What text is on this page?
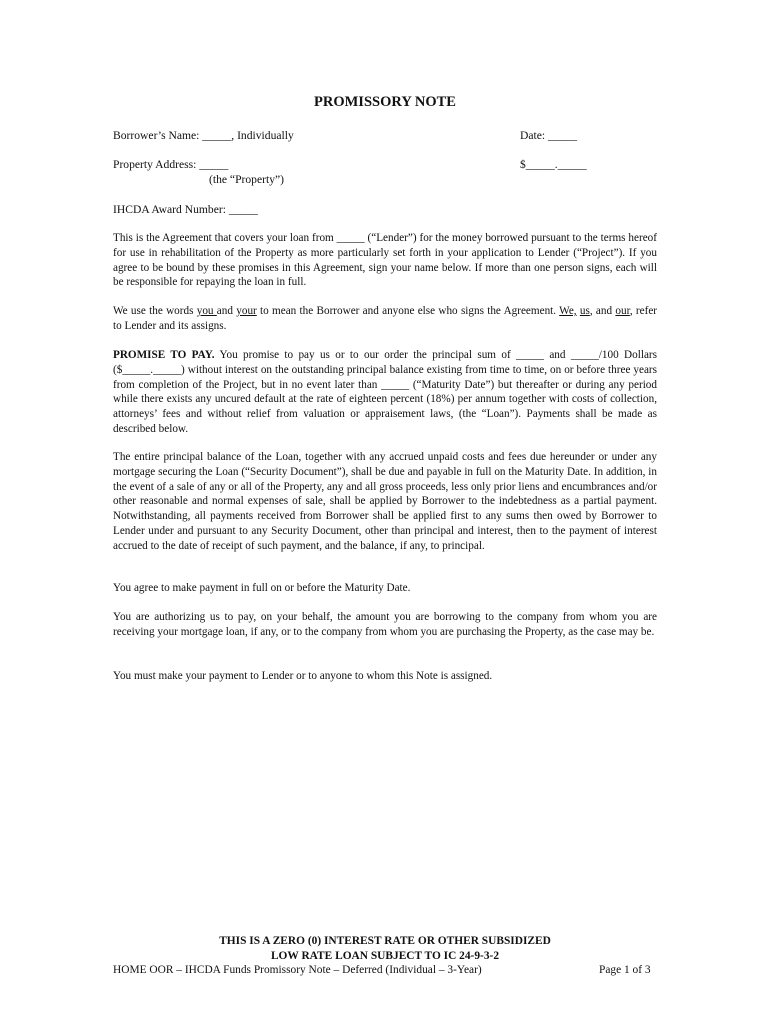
PROMISSORY NOTE
Borrower’s Name: _____, Individually	Date: _____
Property Address: _____	$_____._____
(the “Property”)
IHCDA Award Number: _____
This is the Agreement that covers your loan from _____ (“Lender”) for the money borrowed pursuant to the terms hereof for use in rehabilitation of the Property as more particularly set forth in your application to Lender (“Project”). If you agree to be bound by these promises in this Agreement, sign your name below. If more than one person signs, each will be responsible for repaying the loan in full.
We use the words you and your to mean the Borrower and anyone else who signs the Agreement. We, us, and our, refer to Lender and its assigns.
PROMISE TO PAY. You promise to pay us or to our order the principal sum of _____ and _____/100 Dollars ($_____._____) without interest on the outstanding principal balance existing from time to time, on or before three years from completion of the Project, but in no event later than _____ (“Maturity Date”) but thereafter or during any period while there exists any uncured default at the rate of eighteen percent (18%) per annum together with costs of collection, attorneys’ fees and without relief from valuation or appraisement laws, (the “Loan”). Payments shall be made as described below.
The entire principal balance of the Loan, together with any accrued unpaid costs and fees due hereunder or under any mortgage securing the Loan (“Security Document”), shall be due and payable in full on the Maturity Date. In addition, in the event of a sale of any or all of the Property, any and all gross proceeds, less only prior liens and encumbrances and/or other reasonable and normal expenses of sale, shall be applied by Borrower to the indebtedness as a partial payment. Notwithstanding, all payments received from Borrower shall be applied first to any sums then owed by Borrower to Lender under and pursuant to any Security Document, other than principal and interest, then to the payment of interest accrued to the date of receipt of such payment, and the balance, if any, to principal.
You agree to make payment in full on or before the Maturity Date.
You are authorizing us to pay, on your behalf, the amount you are borrowing to the company from whom you are receiving your mortgage loan, if any, or to the company from whom you are purchasing the Property, as the case may be.
You must make your payment to Lender or to anyone to whom this Note is assigned.
THIS IS A ZERO (0) INTEREST RATE OR OTHER SUBSIDIZED
LOW RATE LOAN SUBJECT TO IC 24-9-3-2
HOME OOR – IHCDA Funds Promissory Note – Deferred (Individual – 3-Year)	Page 1 of 3
